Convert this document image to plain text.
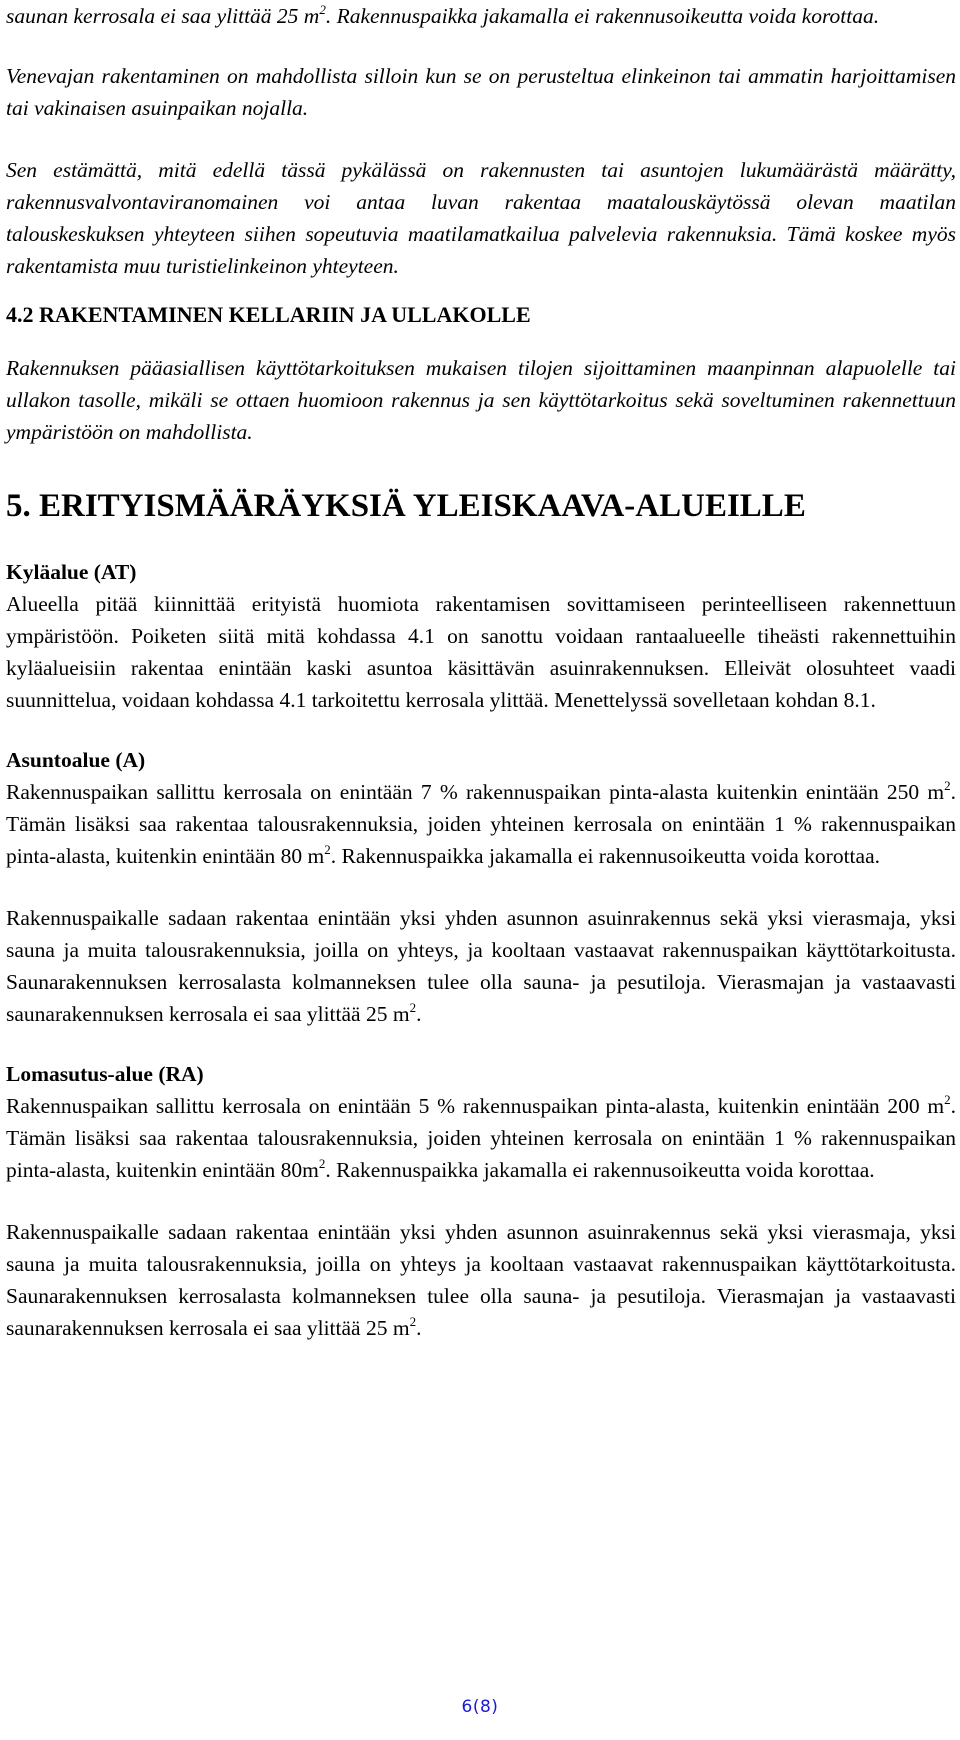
saunan kerrosala ei saa ylittää 25 $m^2$. Rakennuspaikka jakamalla ei rakennusoikeutta voida korottaa.

Venevajan rakentaminen on mahdollista silloin kun se on perusteltua elinkeinon tai ammatin harjoittamisen tai vakinaisen asuinpaikan nojalla.

Sen estämättä, mitä edellä tässä pykälässä on rakennusten tai asuntojen lukumäärästä määrätty, rakennusvalvontaviranomainen voi antaa luvan rakentaa maatalouskäytössä olevan maatilan talouskeskuksen yhteyteen siihen sopeutuvia maatilamatkailua palvelevia rakennuksia. Tämä koskee myös rakentamista muu turistielinkeinon yhteyteen.

4.2 RAKENTAMINEN KELLARIIN JA ULLAKOLLE

Rakennuksen pääasiallisen käyttötarkoituksen mukaisen tilojen sijoittaminen maanpinnan alapuolelle tai ullakon tasolle, mikäli se ottaen huomioon rakennus ja sen käyttötarkoitus sekä soveltuminen rakennettuun ympäristöön on mahdollista.

5. ERITYISMÄÄRÄYKSIÄ YLEISKAAVA-ALUEILLE
Kyläalue (AT)

Alueella pitää kiinnittää erityistä huomiota rakentamisen sovittamiseen perinteelliseen rakennettuun ympäristöön. Poiketen siitä mitä kohdassa 4.1 on sanottu voidaan rantaalueelle tiheästi rakennettuihin kyläalueisiin rakentaa enintään kaski asuntoa käsittävän asuinrakennuksen. Elleivät olosuhteet vaadi suunnittelua, voidaan kohdassa 4.1 tarkoitettu kerrosala ylittää. Menettelyssä sovelletaan kohdan 8.1.

Asuntoalue (A)

Rakennuspaikan sallittu kerrosala on enintään 7 % rakennuspaikan pinta-alasta kuitenkin enintään 250 $m^2$. Tämän lisäksi saa rakentaa talousrakennuksia, joiden yhteinen kerrosala on enintään 1 % rakennuspaikan pinta-alasta, kuitenkin enintään 80 $m^2$. Rakennuspaikka jakamalla ei rakennusoikeutta voida korottaa.

Rakennuspaikalle sadaan rakentaa enintään yksi yhden asunnon asuinrakennus sekä yksi vierasmaja, yksi sauna ja muita talousrakennuksia, joilla on yhteys, ja kooltaan vastaavat rakennuspaikan käyttötarkoitusta. Saunarakennuksen kerrosalasta kolmanneksen tulee olla sauna- ja pesutiloja. Vierasmajan ja vastaavasti saunarakennuksen kerrosala ei saa ylittää 25 $m^2$.

Lomasutus-alue (RA)

Rakennuspaikan sallittu kerrosala on enintään 5 % rakennuspaikan pinta-alasta, kuitenkin enintään 200 $m^2$. Tämän lisäksi saa rakentaa talousrakennuksia, joiden yhteinen kerrosala on enintään 1 % rakennuspaikan pinta-alasta, kuitenkin enintään $80m^2$. Rakennuspaikka jakamalla ei rakennusoikeutta voida korottaa.

Rakennuspaikalle sadaan rakentaa enintään yksi yhden asunnon asuinrakennus sekä yksi vierasmaja, yksi sauna ja muita talousrakennuksia, joilla on yhteys ja kooltaan vastaavat rakennuspaikan käyttötarkoitusta. Saunarakennuksen kerrosalasta kolmanneksen tulee olla sauna- ja pesutiloja. Vierasmajan ja vastaavasti saunarakennuksen kerrosala ei saa ylittää 25 $m^2$.

6(8)
